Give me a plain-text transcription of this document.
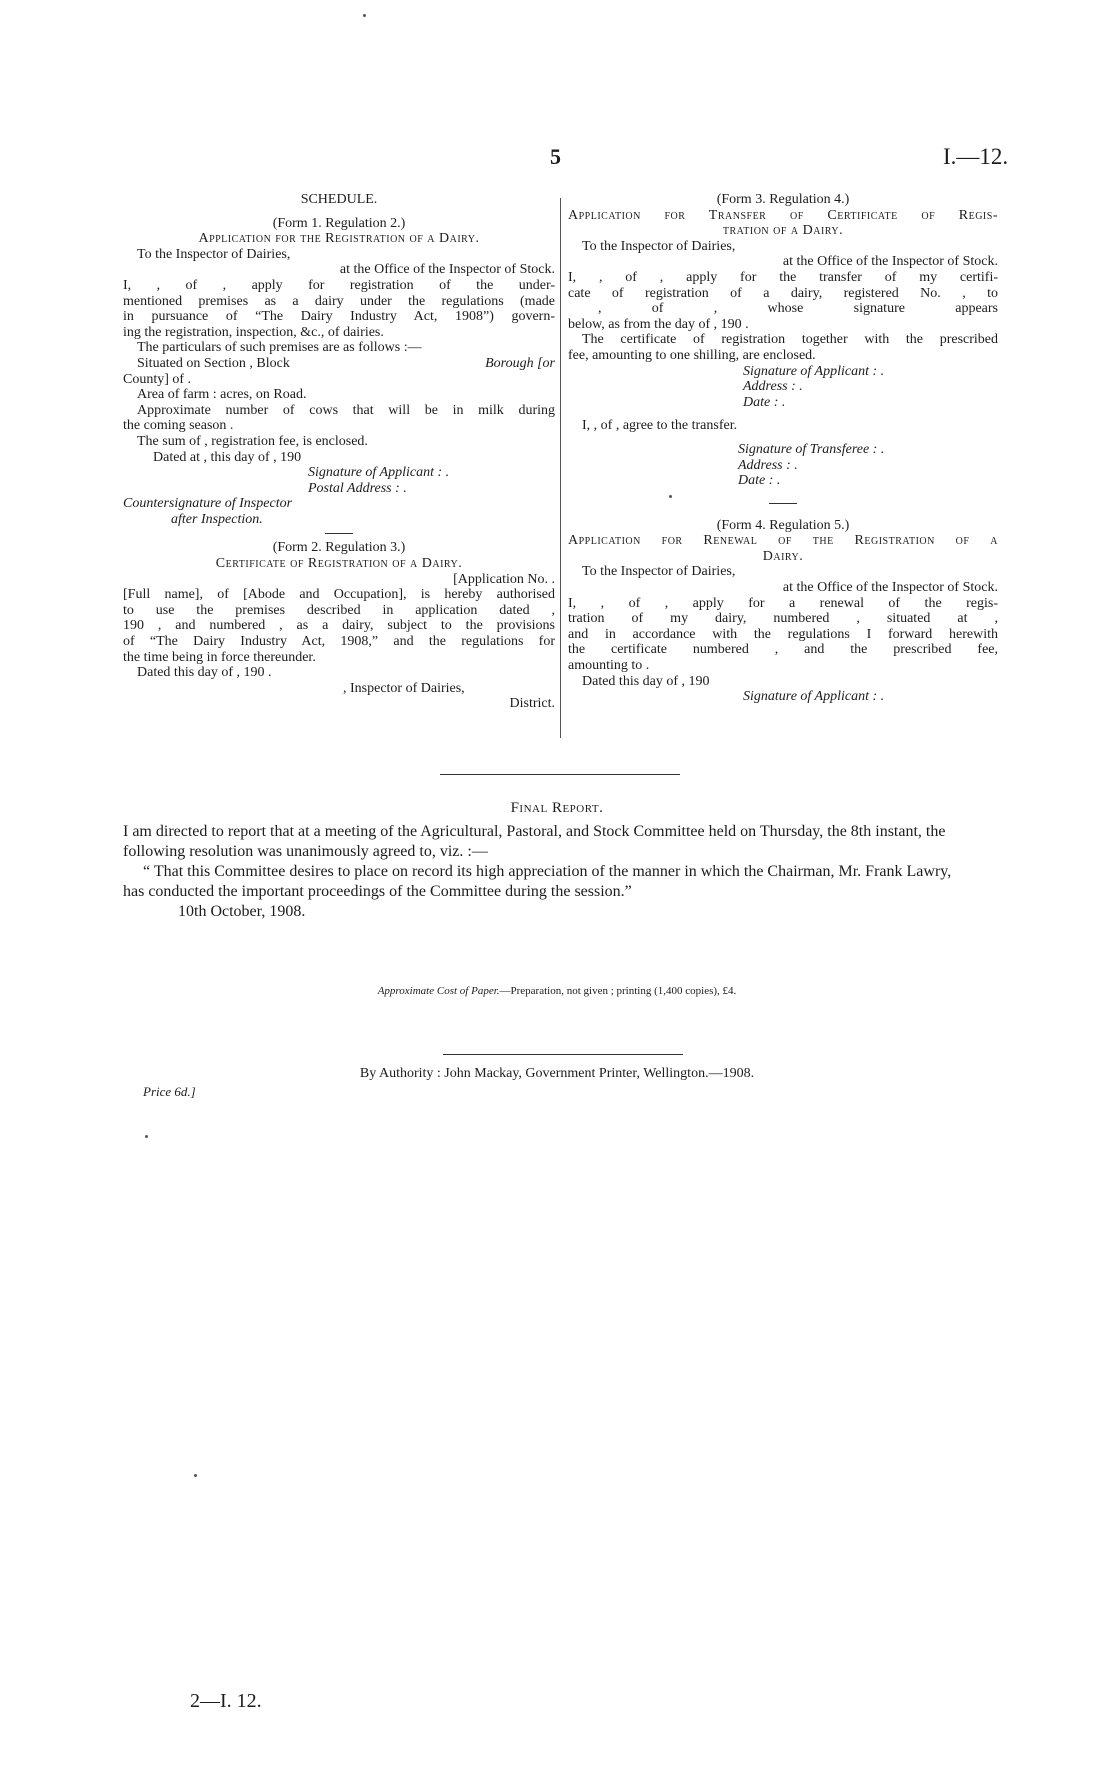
5	I.—12.
SCHEDULE.
(Form 1. Regulation 2.)
Application for the Registration of a Dairy.
To the Inspector of Dairies,
at the Office of the Inspector of Stock.
I, , of , apply for registration of the under-
mentioned premises as a dairy under the regulations (made
in pursuance of “The Dairy Industry Act, 1908”) govern-
ing the registration, inspection, &c., of dairies.
The particulars of such premises are as follows :—
Situated on Section , Block	Borough [or
County] of .
Area of farm : acres, on Road.
Approximate number of cows that will be in milk during
the coming season .
The sum of , registration fee, is enclosed.
Dated at , this day of , 190
Signature of Applicant : .
Postal Address : .
Countersignature of Inspector
after Inspection.
(Form 2. Regulation 3.)
Certificate of Registration of a Dairy.
[Application No. .
[Full name], of [Abode and Occupation], is hereby authorised
to use the premises described in application dated ,
190 , and numbered , as a dairy, subject to the provisions
of “The Dairy Industry Act, 1908,” and the regulations for
the time being in force thereunder.
Dated this day of , 190 .
, Inspector of Dairies,
District.
(Form 3. Regulation 4.)
Application for Transfer of Certificate of Regis-
tration of a Dairy.
To the Inspector of Dairies,
at the Office of the Inspector of Stock.
I, , of , apply for the transfer of my certifi-
cate of registration of a dairy, registered No. , to
, of , whose signature appears
below, as from the day of , 190 .
The certificate of registration together with the prescribed
fee, amounting to one shilling, are enclosed.
Signature of Applicant : .
Address : .
Date : .
I, , of , agree to the transfer.
Signature of Transferee : .
Address : .
Date : .
(Form 4. Regulation 5.)
Application for Renewal of the Registration of a
Dairy.
To the Inspector of Dairies,
at the Office of the Inspector of Stock.
I, , of , apply for a renewal of the regis-
tration of my dairy, numbered , situated at ,
and in accordance with the regulations I forward herewith
the certificate numbered , and the prescribed fee,
amounting to .
Dated this day of , 190
Signature of Applicant : .
Final Report.

I am directed to report that at a meeting of the Agricultural, Pastoral, and Stock Committee held on Thursday, the 8th instant, the following resolution was unanimously agreed to, viz. :—

“ That this Committee desires to place on record its high appreciation of the manner in which the Chairman, Mr. Frank Lawry, has conducted the important proceedings of the Committee during the session.”

10th October, 1908.

Approximate Cost of Paper.—Preparation, not given ; printing (1,400 copies), £4.
By Authority : John Mackay, Government Printer, Wellington.—1908.
Price 6d.]
2—I. 12.
